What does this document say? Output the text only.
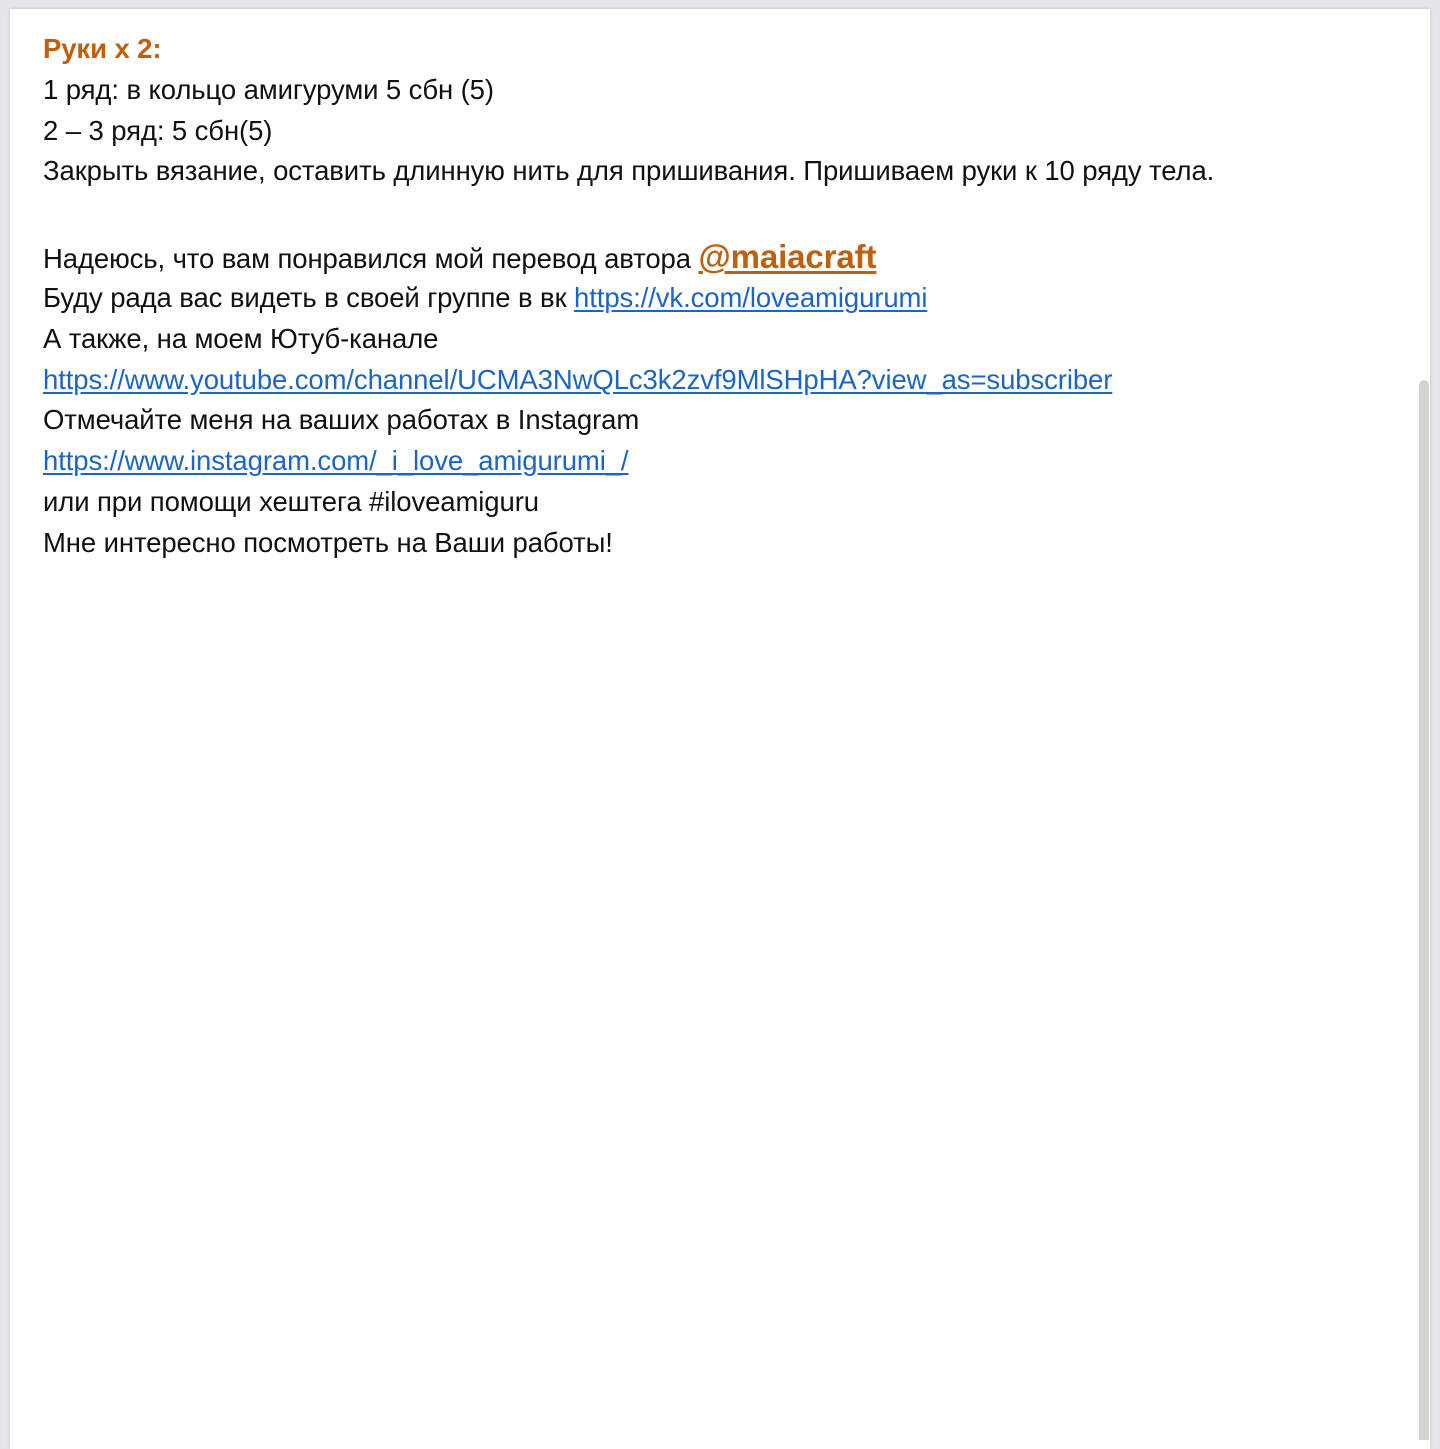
Руки х 2:
1 ряд: в кольцо амигуруми 5 сбн (5)
2 – 3 ряд: 5 сбн(5)
Закрыть вязание, оставить длинную нить для пришивания. Пришиваем руки к 10 ряду тела.
Надеюсь, что вам понравился мой перевод автора @maiacraft
Буду рада вас видеть в своей группе в вк https://vk.com/loveamigurumi
А также, на моем Ютуб-канале
https://www.youtube.com/channel/UCMA3NwQLc3k2zvf9MlSHpHA?view_as=subscriber
Отмечайте меня на ваших работах в Instagram
https://www.instagram.com/_i_love_amigurumi_/
или при помощи хештега #iloveamiguru
Мне интересно посмотреть на Ваши работы!
